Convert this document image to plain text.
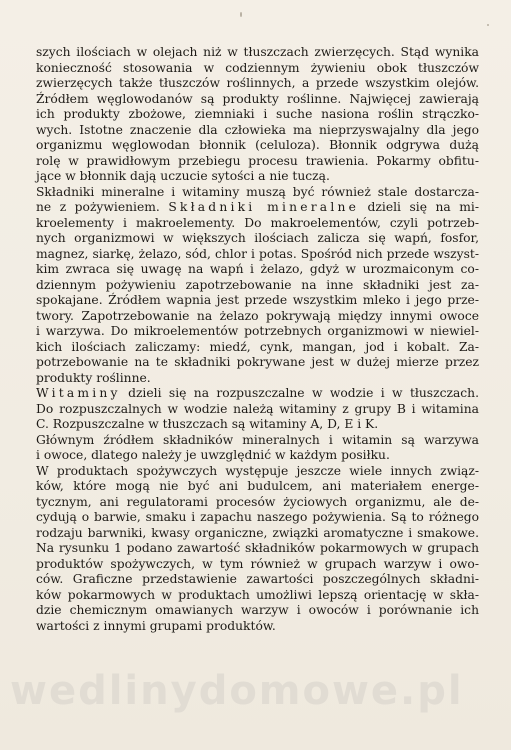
szych ilościach w olejach niż w tłuszczach zwierzęcych. Stąd wynika
konieczność stosowania w codziennym żywieniu obok tłuszczów
zwierzęcych także tłuszczów roślinnych, a przede wszystkim olejów.
Źródłem węglowodanów są produkty roślinne. Najwięcej zawierają
ich produkty zbożowe, ziemniaki i suche nasiona roślin strączko-
wych. Istotne znaczenie dla człowieka ma nieprzyswajalny dla jego
organizmu węglowodan błonnik (celuloza). Błonnik odgrywa dużą
rolę w prawidłowym przebiegu procesu trawienia. Pokarmy obfitu-
jące w błonnik dają uczucie sytości a nie tuczą.
Składniki mineralne i witaminy muszą być również stale dostarcza-
ne z pożywieniem. Składniki mineralne dzieli się na mi-
kroelementy i makroelementy. Do makroelementów, czyli potrzeb-
nych organizmowi w większych ilościach zalicza się wapń, fosfor,
magnez, siarkę, żelazo, sód, chlor i potas. Spośród nich przede wszyst-
kim zwraca się uwagę na wapń i żelazo, gdyż w urozmaiconym co-
dziennym pożywieniu zapotrzebowanie na inne składniki jest za-
spokajane. Źródłem wapnia jest przede wszystkim mleko i jego prze-
twory. Zapotrzebowanie na żelazo pokrywają między innymi owoce
i warzywa. Do mikroelementów potrzebnych organizmowi w niewiel-
kich ilościach zaliczamy: miedź, cynk, mangan, jod i kobalt. Za-
potrzebowanie na te składniki pokrywane jest w dużej mierze przez
produkty roślinne.
Witaminy dzieli się na rozpuszczalne w wodzie i w tłuszczach.
Do rozpuszczalnych w wodzie należą witaminy z grupy B i witamina
C. Rozpuszczalne w tłuszczach są witaminy A, D, E i K.
Głównym źródłem składników mineralnych i witamin są warzywa
i owoce, dlatego należy je uwzględnić w każdym posiłku.
W produktach spożywczych występuje jeszcze wiele innych związ-
ków, które mogą nie być ani budulcem, ani materiałem energe-
tycznym, ani regulatorami procesów życiowych organizmu, ale de-
cydują o barwie, smaku i zapachu naszego pożywienia. Są to różnego
rodzaju barwniki, kwasy organiczne, związki aromatyczne i smakowe.
Na rysunku 1 podano zawartość składników pokarmowych w grupach
produktów spożywczych, w tym również w grupach warzyw i owo-
ców. Graficzne przedstawienie zawartości poszczególnych składni-
ków pokarmowych w produktach umożliwi lepszą orientację w skła-
dzie chemicznym omawianych warzyw i owoców i porównanie ich
wartości z innymi grupami produktów.
wedlinydomowe.pl
